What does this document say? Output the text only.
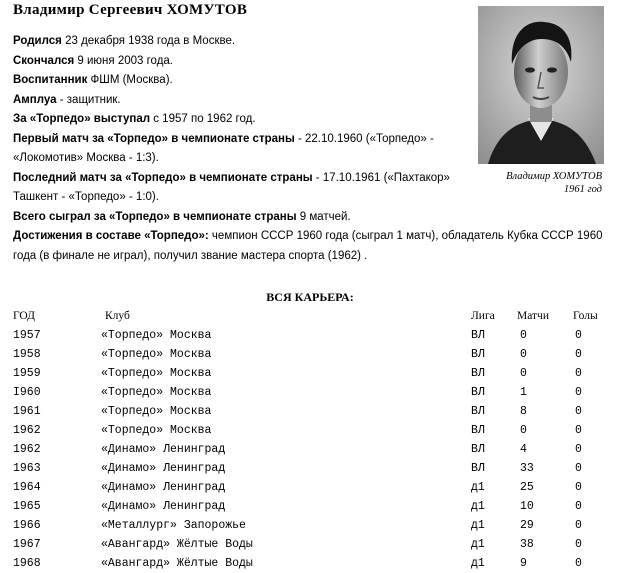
Владимир Сергеевич ХОМУТОВ

Родился 23 декабря 1938 года в Москве.

Скончался 9 июня 2003 года.

Воспитанник ФШМ (Москва).

Амплуа - защитник.

За «Торпедо» выступал с 1957 по 1962 год.

Первый матч за «Торпедо» в чемпионате страны - 22.10.1960 («Торпедо» - «Локомотив» Москва - 1:3).

Последний матч за «Торпедо» в чемпионате страны - 17.10.1961 («Пахтакор» Ташкент - «Торпедо» - 1:0).

Всего сыграл за «Торпедо» в чемпионате страны 9 матчей.

Достижения в составе «Торпедо»: чемпион СССР 1960 года (сыграл 1 матч), обладатель Кубка СССР 1960 года (в финале не играл), получил звание мастера спорта (1962) .

Владимир ХОМУТОВ
1961 год
ВСЯ КАРЬЕРА:
ГОД	Клуб	Лига Матчи Голы
1957	«Торпедо» Москва	ВЛ	0	0
1958	«Торпедо» Москва	ВЛ	0	0
1959	«Торпедо» Москва	ВЛ	0	0
I960	«Торпедо» Москва	ВЛ	1	0
1961	«Торпедо» Москва	ВЛ	8	0
1962	«Торпедо» Москва	ВЛ	0	0
1962	«Динамо» Ленинград	ВЛ	4	0
1963	«Динамо» Ленинград	ВЛ	33	0
1964	«Динамо» Ленинград	д1	25	0
1965	«Динамо» Ленинград	д1	10	0
1966	«Металлург» Запорожье	д1	29	0
1967	«Авангард» Жёлтые Воды	д1	38	0
1968	«Авангард» Жёлтые Воды	д1	9	0
